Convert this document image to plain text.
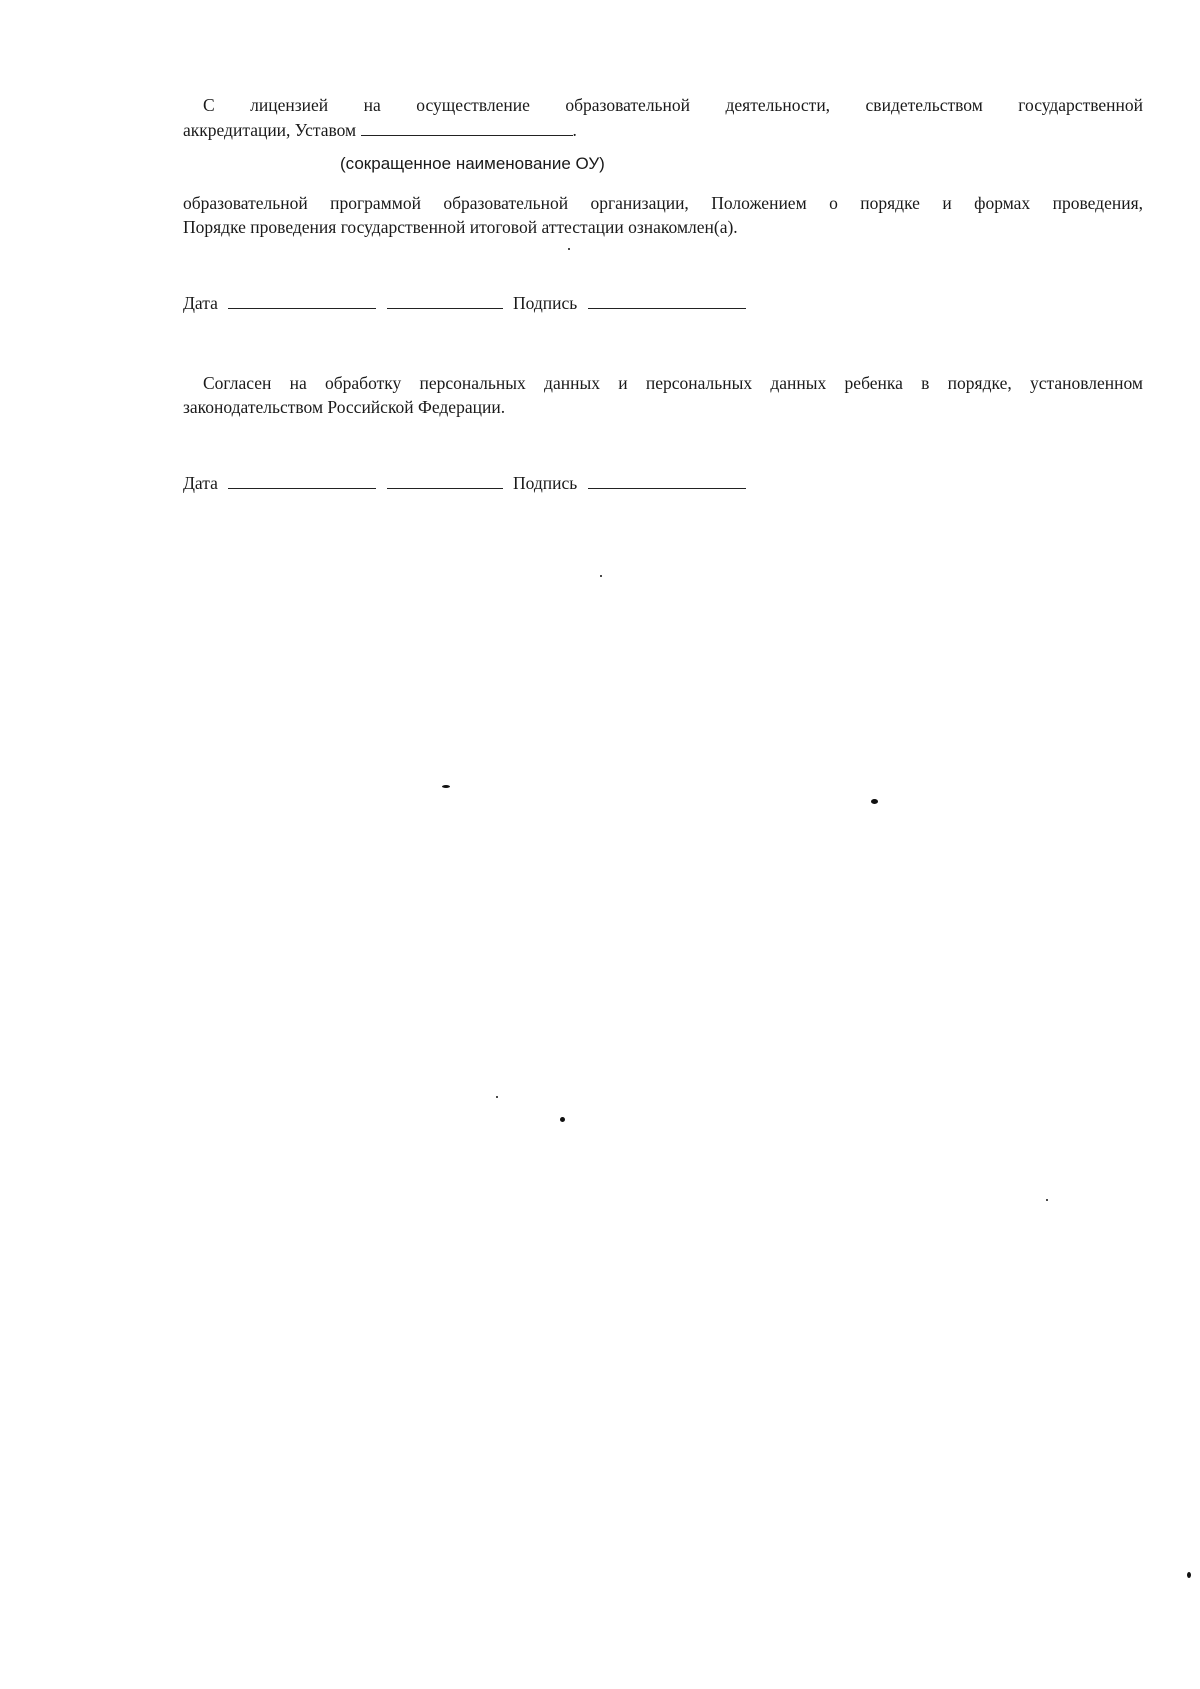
С лицензией на осуществление образовательной деятельности, свидетельством государственной
аккредитации, Уставом	.
(сокращенное наименование ОУ)
образовательной программой образовательной организации, Положением о порядке и формах проведения,
Порядке проведения государственной итоговой аттестации ознакомлен(а).
Дата	Подпись
Согласен на обработку персональных данных и персональных данных ребенка в порядке, установленном
законодательством Российской Федерации.
Дата	Подпись
